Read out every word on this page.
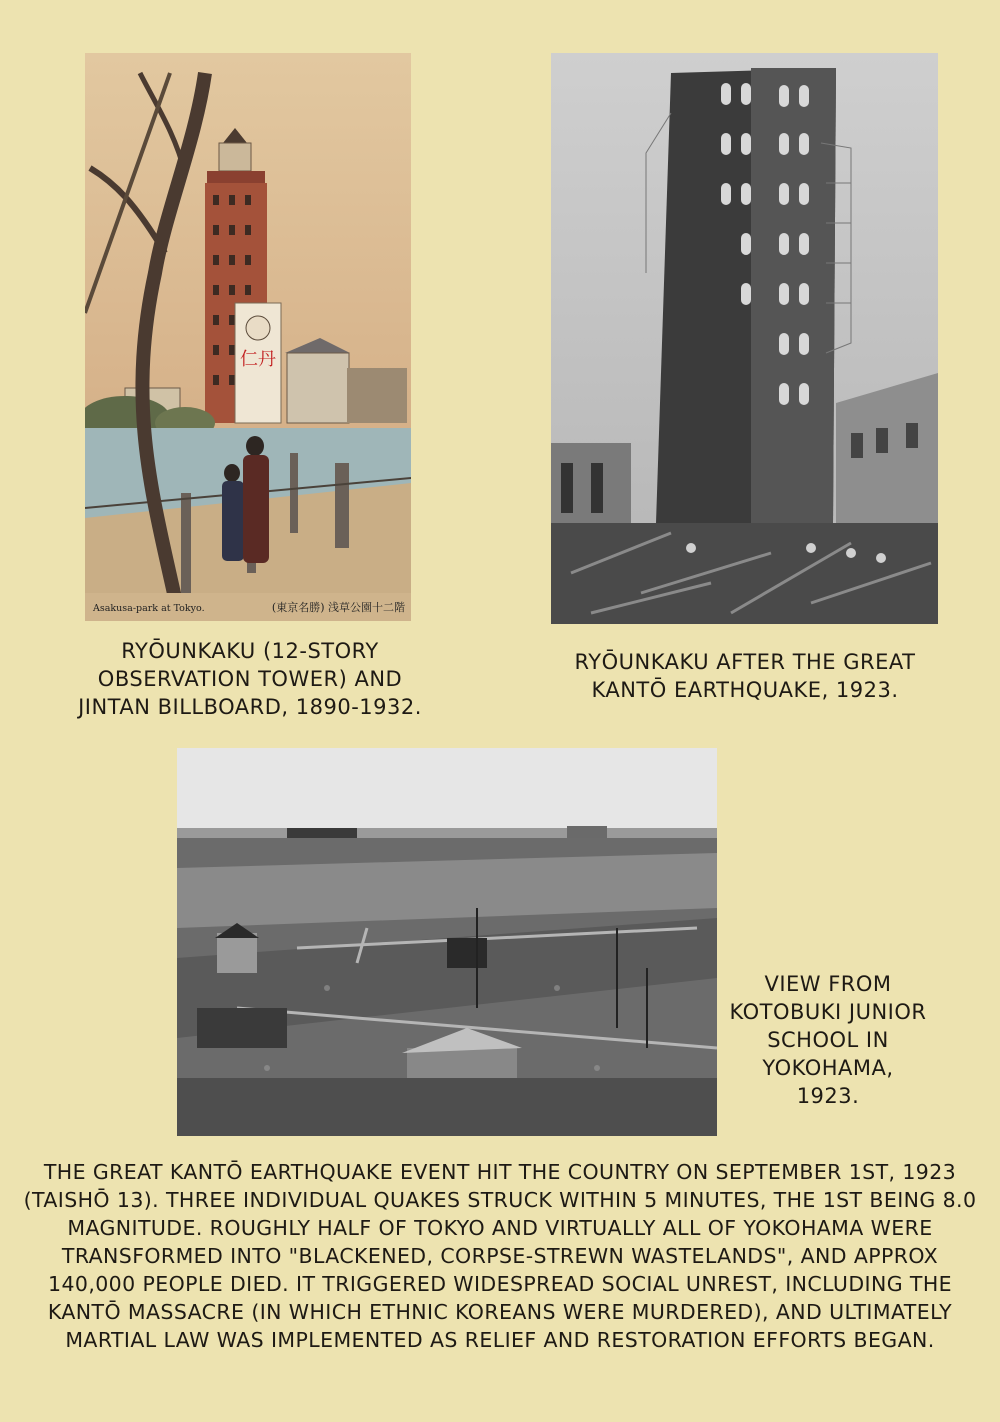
仁丹
Asakusa-park at Tokyo.	(東京名勝) 浅草公園十二階
RYŌUNKAKU (12-STORY OBSERVATION TOWER) AND JINTAN BILLBOARD, 1890-1932.
RYŌUNKAKU AFTER THE GREAT KANTŌ EARTHQUAKE, 1923.
VIEW FROM KOTOBUKI JUNIOR SCHOOL IN YOKOHAMA, 1923.
THE GREAT KANTŌ EARTHQUAKE EVENT HIT THE COUNTRY ON SEPTEMBER 1ST, 1923 (TAISHŌ 13). THREE INDIVIDUAL QUAKES STRUCK WITHIN 5 MINUTES, THE 1ST BEING 8.0 MAGNITUDE. ROUGHLY HALF OF TOKYO AND VIRTUALLY ALL OF YOKOHAMA WERE TRANSFORMED INTO "BLACKENED, CORPSE-STREWN WASTELANDS", AND APPROX 140,000 PEOPLE DIED. IT TRIGGERED WIDESPREAD SOCIAL UNREST, INCLUDING THE KANTŌ MASSACRE (IN WHICH ETHNIC KOREANS WERE MURDERED), AND ULTIMATELY MARTIAL LAW WAS IMPLEMENTED AS RELIEF AND RESTORATION EFFORTS BEGAN.
